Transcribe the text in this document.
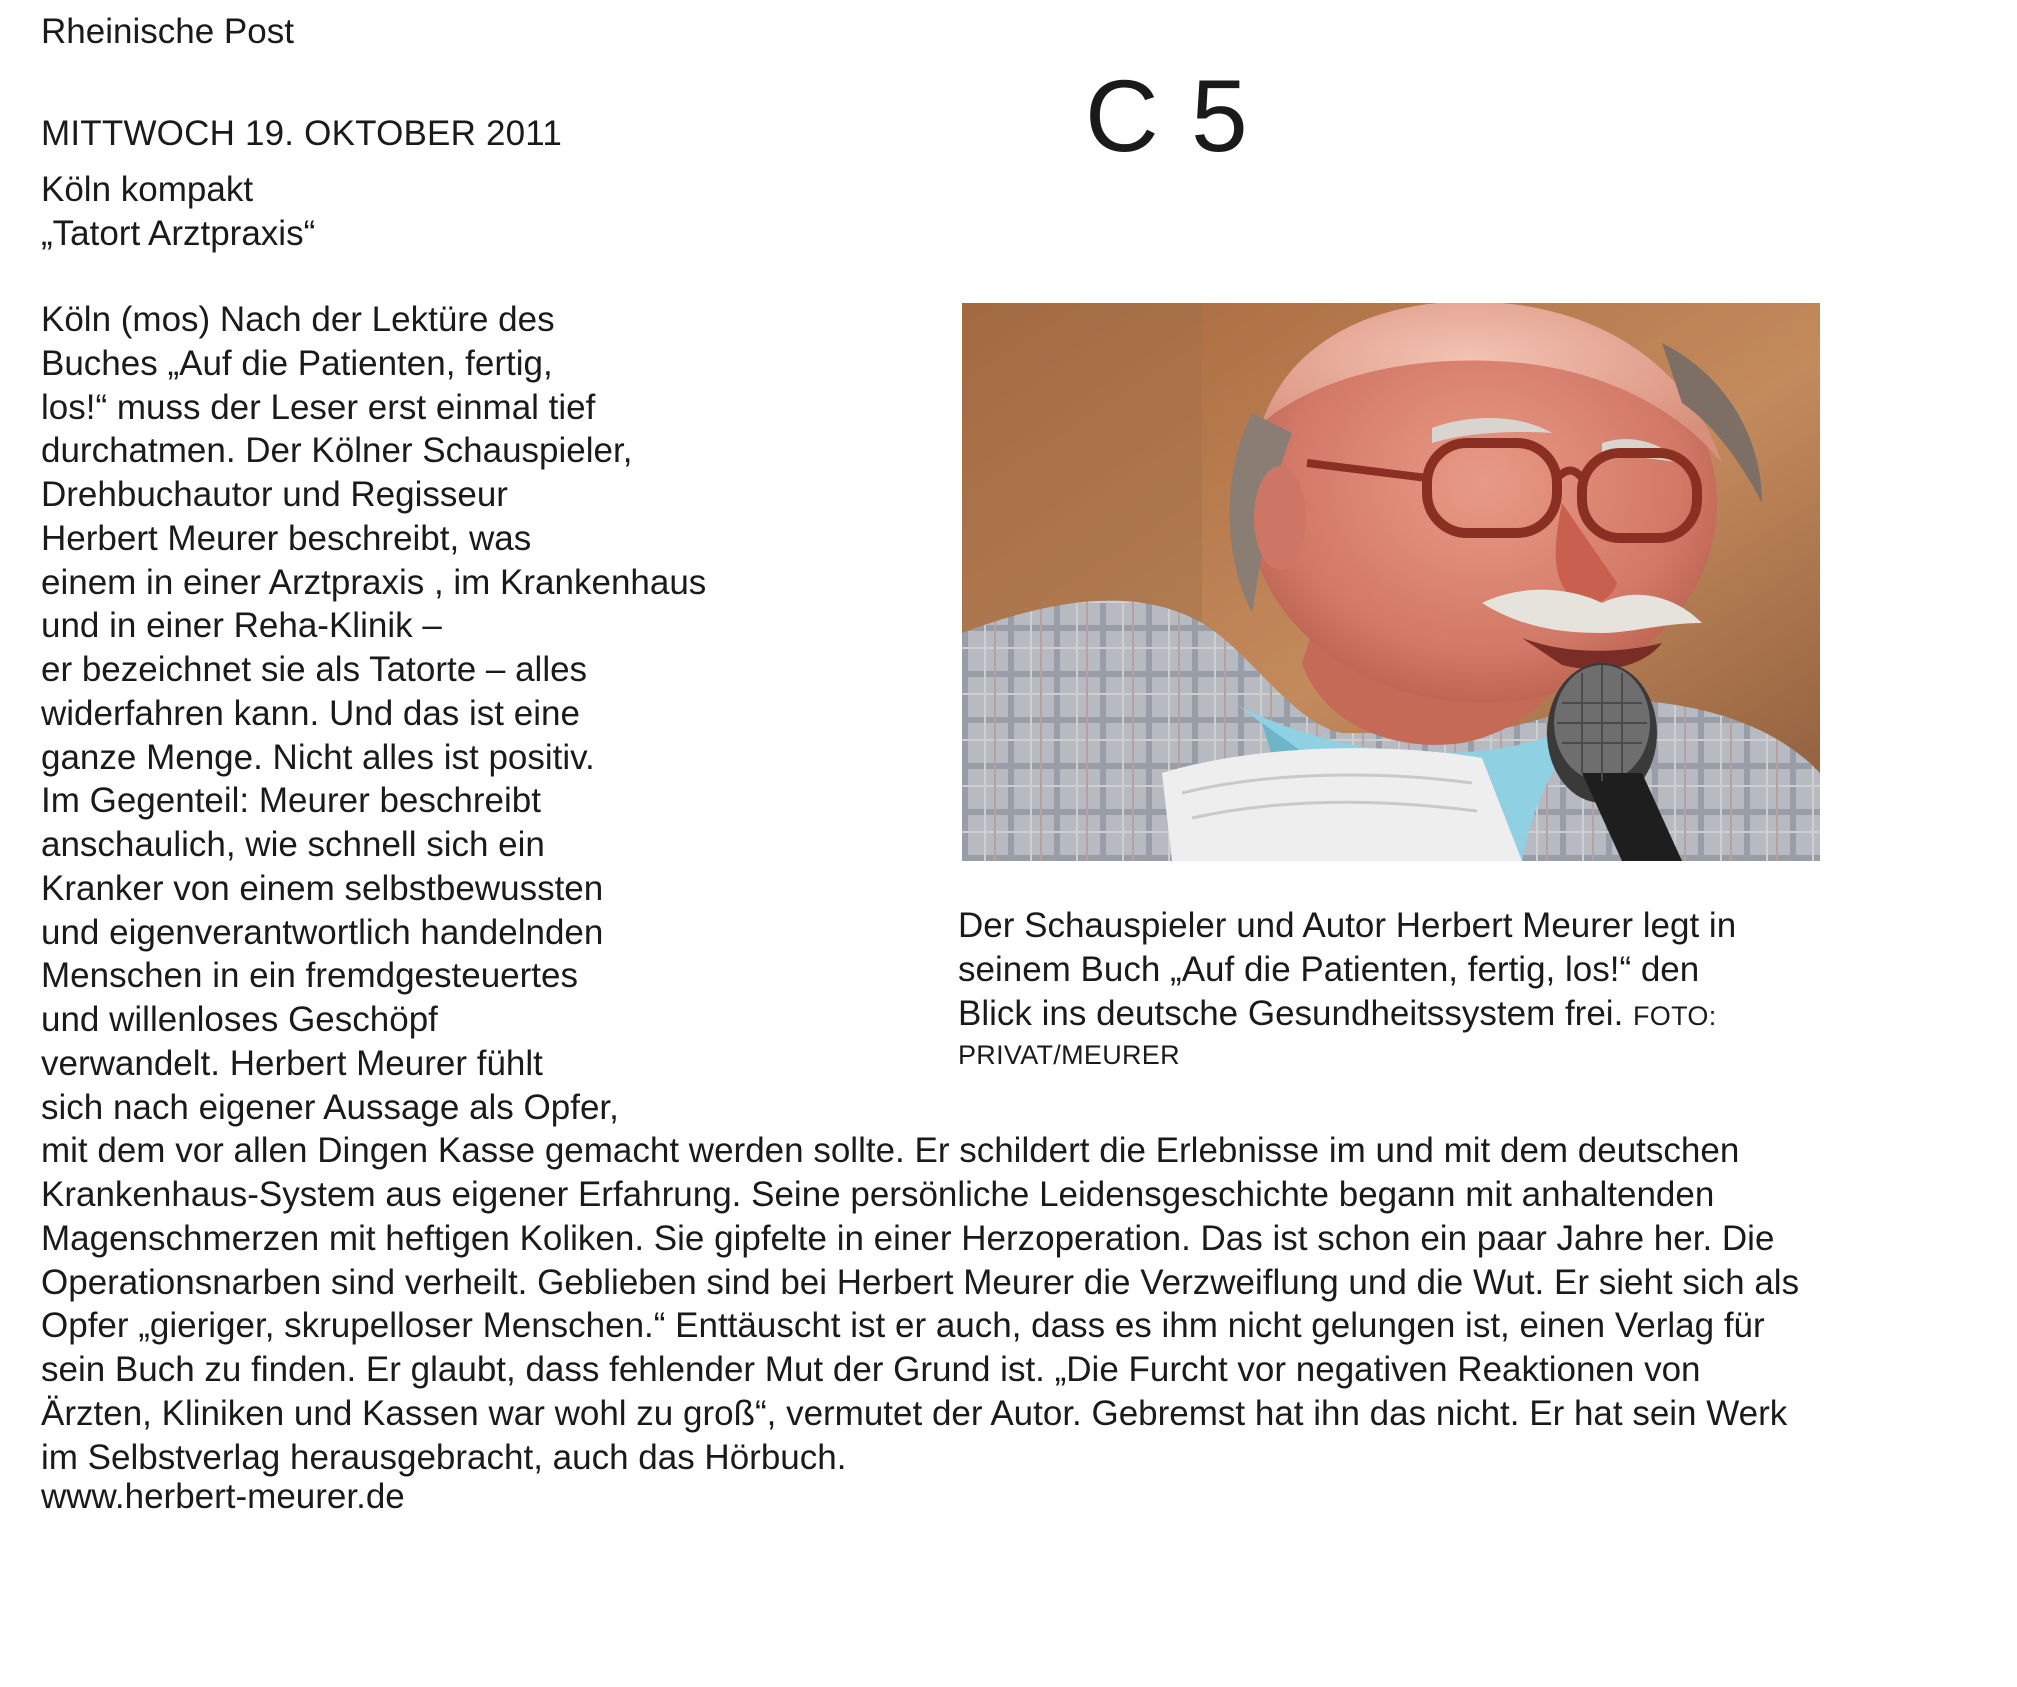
Rheinische Post
MITTWOCH 19. OKTOBER 2011	C 5
Köln kompakt
„Tatort Arztpraxis“
Köln (mos) Nach der Lektüre des
Buches „Auf die Patienten, fertig,
los!“ muss der Leser erst einmal tief
durchatmen. Der Kölner Schauspieler,
Drehbuchautor und Regisseur
Herbert Meurer beschreibt, was
einem in einer Arztpraxis , im Krankenhaus
und in einer Reha-Klinik –
er bezeichnet sie als Tatorte – alles
widerfahren kann. Und das ist eine
ganze Menge. Nicht alles ist positiv.
Im Gegenteil: Meurer beschreibt
anschaulich, wie schnell sich ein
Kranker von einem selbstbewussten
und eigenverantwortlich handelnden
Menschen in ein fremdgesteuertes
und willenloses Geschöpf
verwandelt. Herbert Meurer fühlt
sich nach eigener Aussage als Opfer,
mit dem vor allen Dingen Kasse gemacht werden sollte. Er schildert die Erlebnisse im und mit dem deutschen
Krankenhaus-System aus eigener Erfahrung. Seine persönliche Leidensgeschichte begann mit anhaltenden
Magenschmerzen mit heftigen Koliken. Sie gipfelte in einer Herzoperation. Das ist schon ein paar Jahre her. Die
Operationsnarben sind verheilt. Geblieben sind bei Herbert Meurer die Verzweiflung und die Wut. Er sieht sich als
Opfer „gieriger, skrupelloser Menschen.“ Enttäuscht ist er auch, dass es ihm nicht gelungen ist, einen Verlag für
sein Buch zu finden. Er glaubt, dass fehlender Mut der Grund ist. „Die Furcht vor negativen Reaktionen von
Ärzten, Kliniken und Kassen war wohl zu groß“, vermutet der Autor. Gebremst hat ihn das nicht. Er hat sein Werk
im Selbstverlag herausgebracht, auch das Hörbuch.
www.herbert-meurer.de
Der Schauspieler und Autor Herbert Meurer legt in
seinem Buch „Auf die Patienten, fertig, los!“ den
Blick ins deutsche Gesundheitssystem frei. FOTO:
PRIVAT/MEURER
